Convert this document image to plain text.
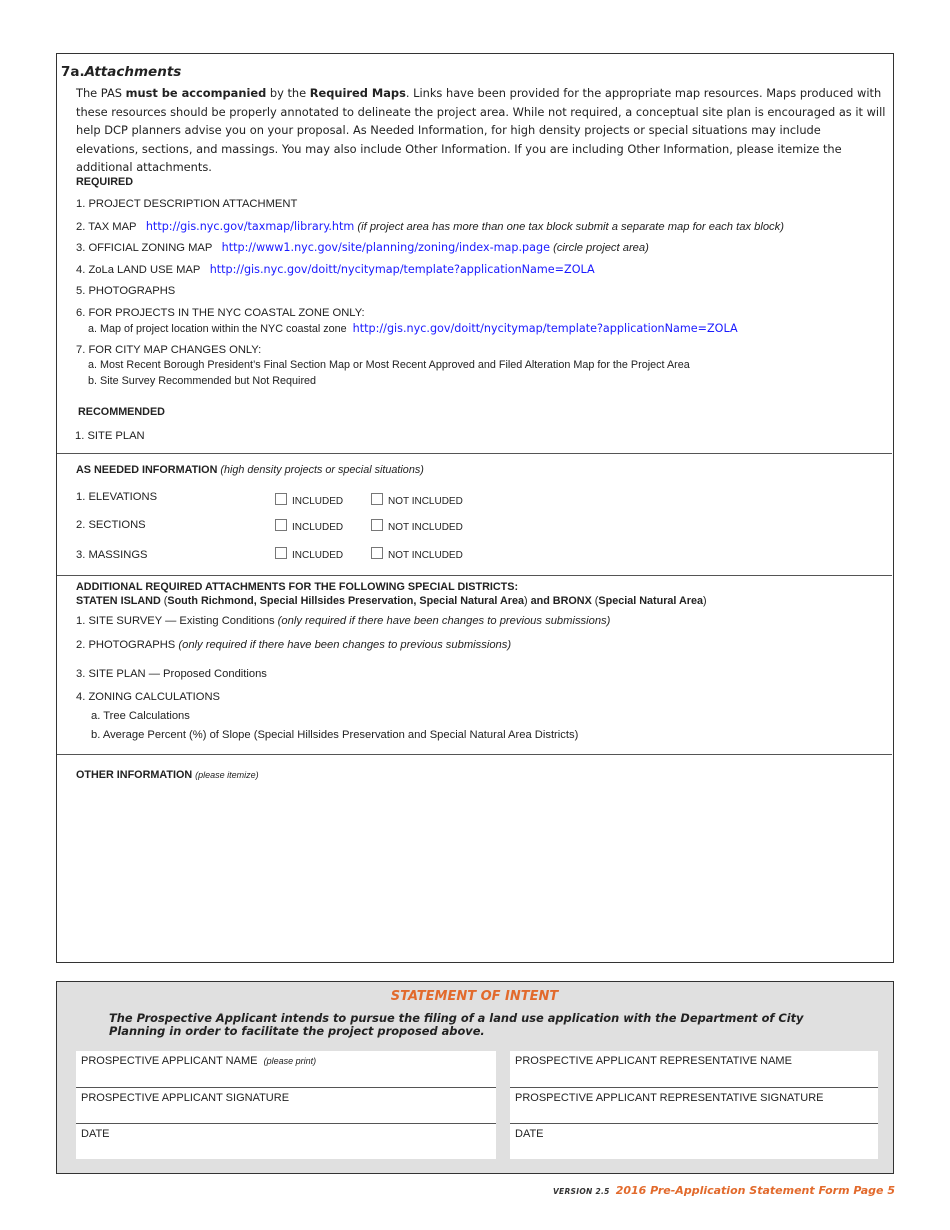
7a.Attachments
The PAS must be accompanied by the Required Maps. Links have been provided for the appropriate map resources. Maps produced with these resources should be properly annotated to delineate the project area. While not required, a conceptual site plan is encouraged as it will help DCP planners advise you on your proposal. As Needed Information, for high density projects or special situations may include elevations, sections, and massings. You may also include Other Information. If you are including Other Information, please itemize the additional attachments.
REQUIRED
1. PROJECT DESCRIPTION ATTACHMENT
2. TAX MAP http://gis.nyc.gov/taxmap/library.htm (if project area has more than one tax block submit a separate map for each tax block)
3. OFFICIAL ZONING MAP http://www1.nyc.gov/site/planning/zoning/index-map.page (circle project area)
4. ZoLa LAND USE MAP http://gis.nyc.gov/doitt/nycitymap/template?applicationName=ZOLA
5. PHOTOGRAPHS
6. FOR PROJECTS IN THE NYC COASTAL ZONE ONLY:
a. Map of project location within the NYC coastal zone http://gis.nyc.gov/doitt/nycitymap/template?applicationName=ZOLA
7. FOR CITY MAP CHANGES ONLY:
a. Most Recent Borough President’s Final Section Map or Most Recent Approved and Filed Alteration Map for the Project Area
b. Site Survey Recommended but Not Required
RECOMMENDED
1. SITE PLAN
AS NEEDED INFORMATION (high density projects or special situations)
1. ELEVATIONS	INCLUDED	NOT INCLUDED
2. SECTIONS	INCLUDED	NOT INCLUDED
3. MASSINGS	INCLUDED	NOT INCLUDED
ADDITIONAL REQUIRED ATTACHMENTS FOR THE FOLLOWING SPECIAL DISTRICTS:
STATEN ISLAND (South Richmond, Special Hillsides Preservation, Special Natural Area) and BRONX (Special Natural Area)
1. SITE SURVEY — Existing Conditions (only required if there have been changes to previous submissions)
2. PHOTOGRAPHS (only required if there have been changes to previous submissions)
3. SITE PLAN — Proposed Conditions
4. ZONING CALCULATIONS
a. Tree Calculations
b. Average Percent (%) of Slope (Special Hillsides Preservation and Special Natural Area Districts)
OTHER INFORMATION (please itemize)
STATEMENT OF INTENT
The Prospective Applicant intends to pursue the filing of a land use application with the Department of City Planning in order to facilitate the project proposed above.
PROSPECTIVE APPLICANT NAME (please print)	PROSPECTIVE APPLICANT REPRESENTATIVE NAME
PROSPECTIVE APPLICANT SIGNATURE	PROSPECTIVE APPLICANT REPRESENTATIVE SIGNATURE
DATE	DATE
VERSION 2.5 2016 Pre-Application Statement Form Page 5
